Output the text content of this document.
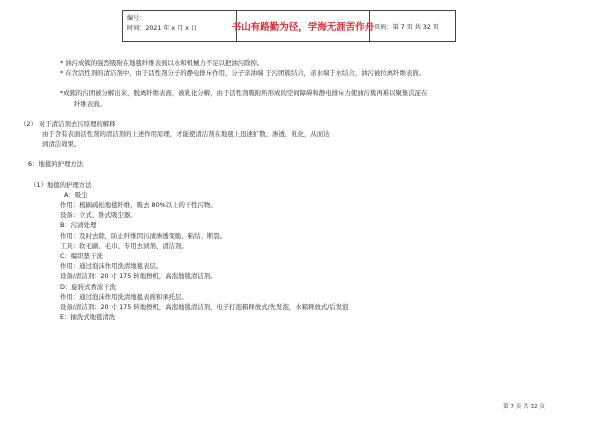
编号：
时间：2021 年 x 月 x 日	书山有路勤为径，学海无涯苦作舟 页码：第 7 页 共 32 页

* 油污成簇的强烈吸附在地毯纤维表面以水和机械力不足以把油污除掉。

* 在含活性剂的清洁剂中，由于活性剂分子的静电排斥作用，分子亲油端 于污团簇结合，亲水端于水结合，油污被拉离纤维表面。

*成簇的污团被分解出来，脱离纤维表面，被乳化分解，由于活性剂吸附所形成的空间障碍和静电排斥力使油污簇再难以聚集沉淀在

纤维表面。

（2） 对于清洁剂去污原理的解释

由于含有表面活性剂的清洁剂的上述作用原理，才能使清洁剂在地毯上迅速扩散、渗透，乳化，从而达

到清洁效果。

6：地毯的护理方法

（1）地毯的护理方法

A：吸尘

作用：梳刷疏松地毯纤维，吸去 80%以上的干性污物。

设备：立式、卧式吸尘器。

B：污渍处理

作用：及时去除，防止纤维因污渍渗透变脆、粘结、断裂。

工具：软毛刷、毛巾、专用去渍剂、清洁剂。

C：编织垫干洗

作用：通过泡沫作用洗清地毯表层。

设备/清洁剂：20 寸 175 转地擦机，高泡地毯清洁剂。

D：旋转式香波干洗

作用：通过泡沫作用洗清地毯表面和承托层。

设备/清洁剂：20 寸 175 转地擦机，高泡地毯清洁剂，电子打泡箱释放式/先发泡，水箱释放式/后发泡

E：抽洗式地毯清洗

第 7 页 共 32 页
